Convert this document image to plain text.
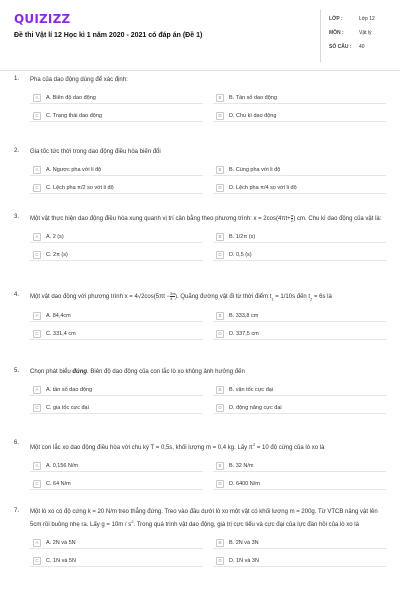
QUIZIZZ
Đề thi Vật lí 12 Học kì 1 năm 2020 - 2021 có đáp án (Đề 1)
LỚP :	Lớp 12
MÔN :	Vật lý
SỐ CÂU :	40
1. Pha của dao động dùng để xác định:
A	A. Biên độ dao động	B	B. Tần số dao động
C	C. Trạng thái dao động	D	D. Chu kì dao động
2. Gia tốc tức thời trong dao động điều hòa biến đổi
A	A. Ngược pha với li độ	B	B. Cùng pha với li độ
C	C. Lệch pha π/2 so với li độ	D	D. Lệch pha π/4 so với li độ
3. Một vật thực hiện dao động điều hòa xung quanh vị trí cân bằng theo phương trình: $x = 2\cos(4\pi t+ \frac{\pi}{2}$ ) cm. Chu kì dao động của vật là:
A	A. 2 (s)	B	B. 1/2π (s)
C	C. 2π (s)	D	D. 0,5 (s)
4. Một vật dao động với phương trình $x = 4√2\cos(5\pi t - \frac{3\pi}{4}$ ). Quãng đường vật đi từ thời điểm $t_1 = 1/10s$ đến $t_2 = 6s$ là
A	A. 84,4cm	B	B. 333,8 cm
C	C. 331,4 cm	D	D. 337,5 cm
5. Chọn phát biểu đúng. Biên độ dao động của con lắc lò xo không ảnh hưởng đến
A	A. tần số dao động	B	B. vận tốc cực đại
C	C. gia tốc cực đại	D	D. động năng cực đại
6.
Một con lắc xo dao động điều hòa với chu kỳ T = 0,5s, khối lượng m = 0,4 kg. Lấy $\pi^2 = 10$ độ cứng của lò xo là
A	A. 0,156 N/m	B	B. 32 N/m
C	C. 64 N/m	D	D. 6400 N/m
7. Một lò xo có độ cứng k = 20 N/m treo thẳng đứng. Treo vào đầu dưới lò xo một vật có khối lượng m = 200g. Từ VTCB nâng vật lên 5cm rồi buông nhẹ ra. Lấy $g = 10m / s^2$. Trong quá trình vật dao động, giá trị cực tiểu và cực đại của lực đàn hồi của lò xo là
A	A. 2N và 5N	B	B. 2N và 3N
C	C. 1N và 5N	D	D. 1N và 3N
